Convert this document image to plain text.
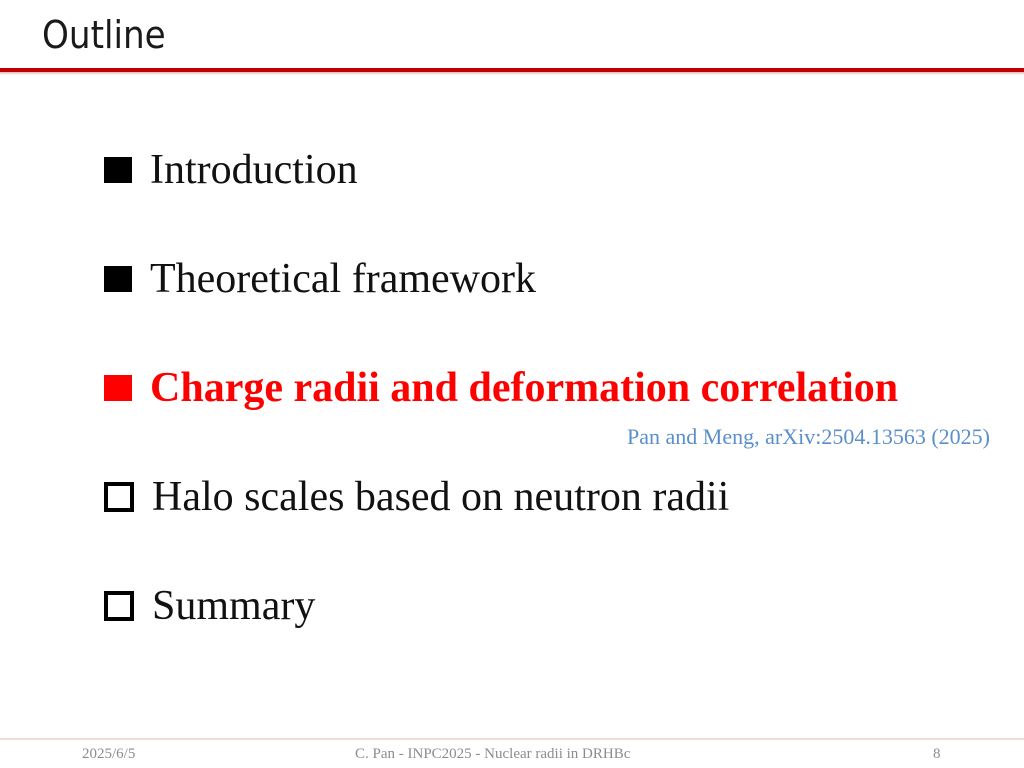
Outline
Introduction
Theoretical framework
Charge radii and deformation correlation
Pan and Meng, arXiv:2504.13563 (2025)
Halo scales based on neutron radii
Summary
2025/6/5	C. Pan - INPC2025 - Nuclear radii in DRHBc	8
